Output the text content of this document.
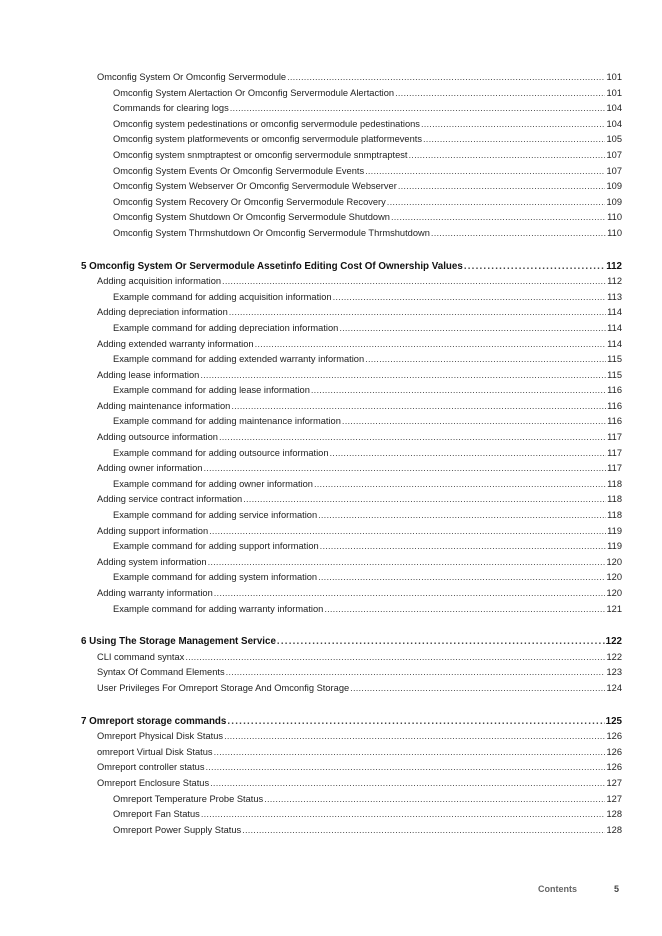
Omconfig System Or Omconfig Servermodule .....	101
Omconfig System Alertaction Or Omconfig Servermodule Alertaction .....	101
Commands for clearing logs .....	104
Omconfig system pedestinations or omconfig servermodule pedestinations .....	104
Omconfig system platformevents or omconfig servermodule platformevents .....	105
Omconfig system snmptraptest or omconfig servermodule snmptraptest .....	107
Omconfig System Events Or Omconfig Servermodule Events .....	107
Omconfig System Webserver Or Omconfig Servermodule Webserver .....	109
Omconfig System Recovery Or Omconfig Servermodule Recovery .....	109
Omconfig System Shutdown Or Omconfig Servermodule Shutdown .....	110
Omconfig System Thrmshutdown Or Omconfig Servermodule Thrmshutdown .....	110
5 Omconfig System Or Servermodule Assetinfo Editing Cost Of Ownership Values .....	112
Adding acquisition information .....	112
Example command for adding acquisition information .....	113
Adding depreciation information .....	114
Example command for adding depreciation information .....	114
Adding extended warranty information .....	114
Example command for adding extended warranty information .....	115
Adding lease information .....	115
Example command for adding lease information .....	116
Adding maintenance information .....	116
Example command for adding maintenance information .....	116
Adding outsource information .....	117
Example command for adding outsource information .....	117
Adding owner information .....	117
Example command for adding owner information .....	118
Adding service contract information .....	118
Example command for adding service information .....	118
Adding support information .....	119
Example command for adding support information .....	119
Adding system information .....	120
Example command for adding system information .....	120
Adding warranty information .....	120
Example command for adding warranty information .....	121
6 Using The Storage Management Service .....	122
CLI command syntax .....	122
Syntax Of Command Elements .....	123
User Privileges For Omreport Storage And Omconfig Storage .....	124
7 Omreport storage commands .....	125
Omreport Physical Disk Status .....	126
omreport Virtual Disk Status .....	126
Omreport controller status .....	126
Omreport Enclosure Status .....	127
Omreport Temperature Probe Status .....	127
Omreport Fan Status .....	128
Omreport Power Supply Status .....	128
Contents	5
